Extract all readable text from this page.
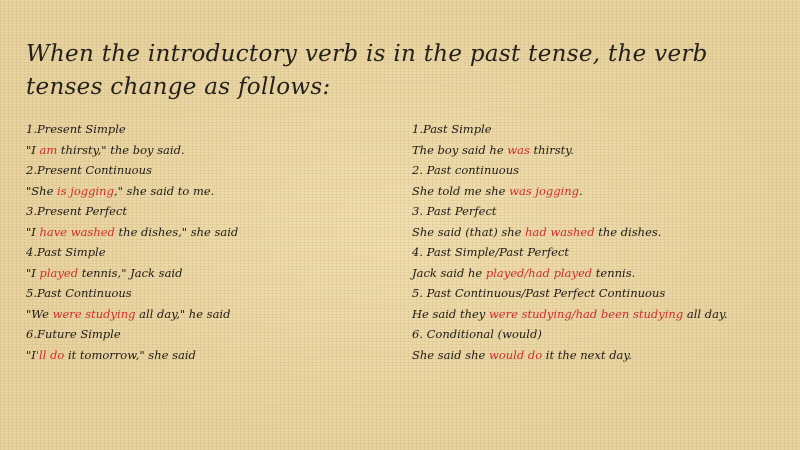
When the introductory verb is in the past tense, the verb tenses change as follows:
1.Present Simple
"I am thirsty," the boy said.
2.Present Continuous
"She is jogging," she said to me.
3.Present Perfect
"I have washed the dishes," she said
4.Past Simple
"I played tennis," Jack said
5.Past Continuous
"We were studying all day," he said
6.Future Simple
"I'll do it tomorrow," she said
1.Past Simple
The boy said he was thirsty.
2. Past continuous
She told me she was jogging.
3. Past Perfect
She said (that) she had washed the dishes.
4. Past Simple/Past Perfect
Jack said he played/had played tennis.
5. Past Continuous/Past Perfect Continuous
He said they were studying/had been studying all day.
6. Conditional (would)
She said she would do it the next day.
